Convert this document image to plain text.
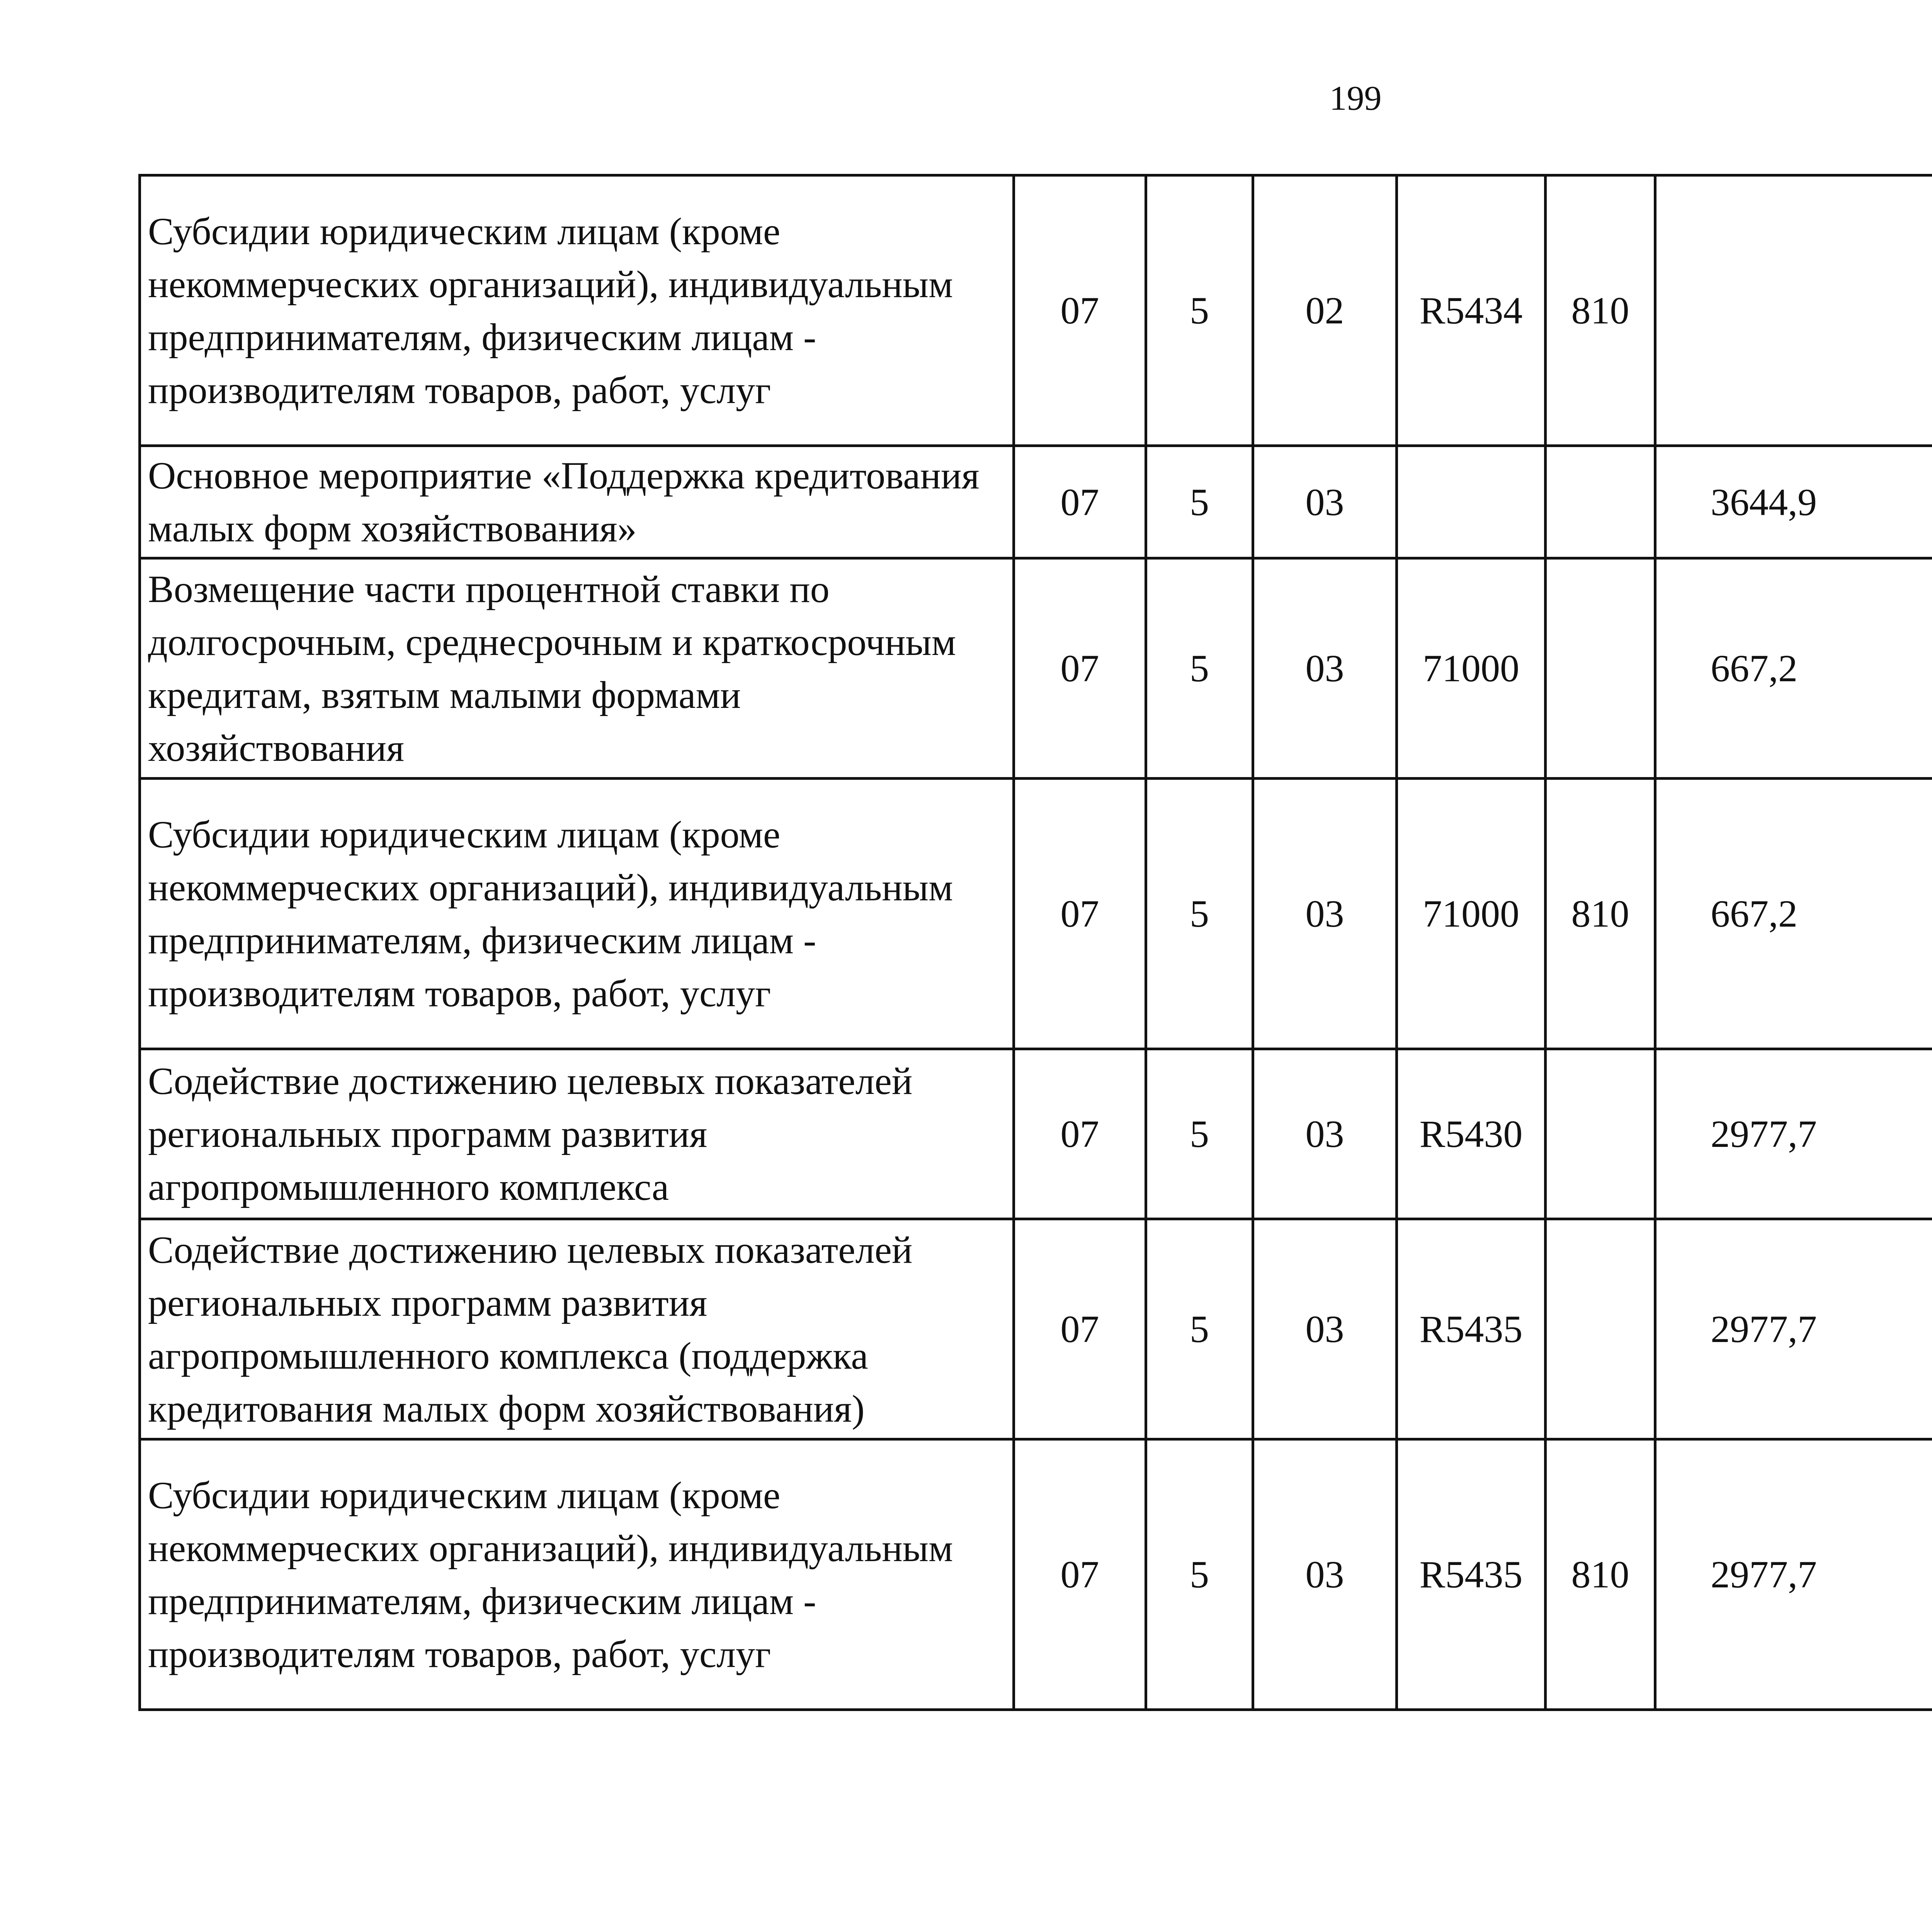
199
Субсидии юридическим лицам (кроме некоммерческих организаций), индивидуальным предпринимателям, физическим лицам - производителям товаров, работ, услуг	07	5	02	R5434	810			
Основное мероприятие «Поддержка кредитования малых форм хозяйствования»	07	5	03			3644,9		
Возмещение части процентной ставки по долгосрочным, среднесрочным и краткосрочным кредитам, взятым малыми формами хозяйствования	07	5	03	71000		667,2		
Субсидии юридическим лицам (кроме некоммерческих организаций), индивидуальным предпринимателям, физическим лицам - производителям товаров, работ, услуг	07	5	03	71000	810	667,2		
Содействие достижению целевых показателей региональных программ развития агропромышленного комплекса	07	5	03	R5430		2977,7		
Содействие достижению целевых показателей региональных программ развития агропромышленного комплекса (поддержка кредитования малых форм хозяйствования)	07	5	03	R5435		2977,7		
Субсидии юридическим лицам (кроме некоммерческих организаций), индивидуальным предпринимателям, физическим лицам - производителям товаров, работ, услуг	07	5	03	R5435	810	2977,7		
